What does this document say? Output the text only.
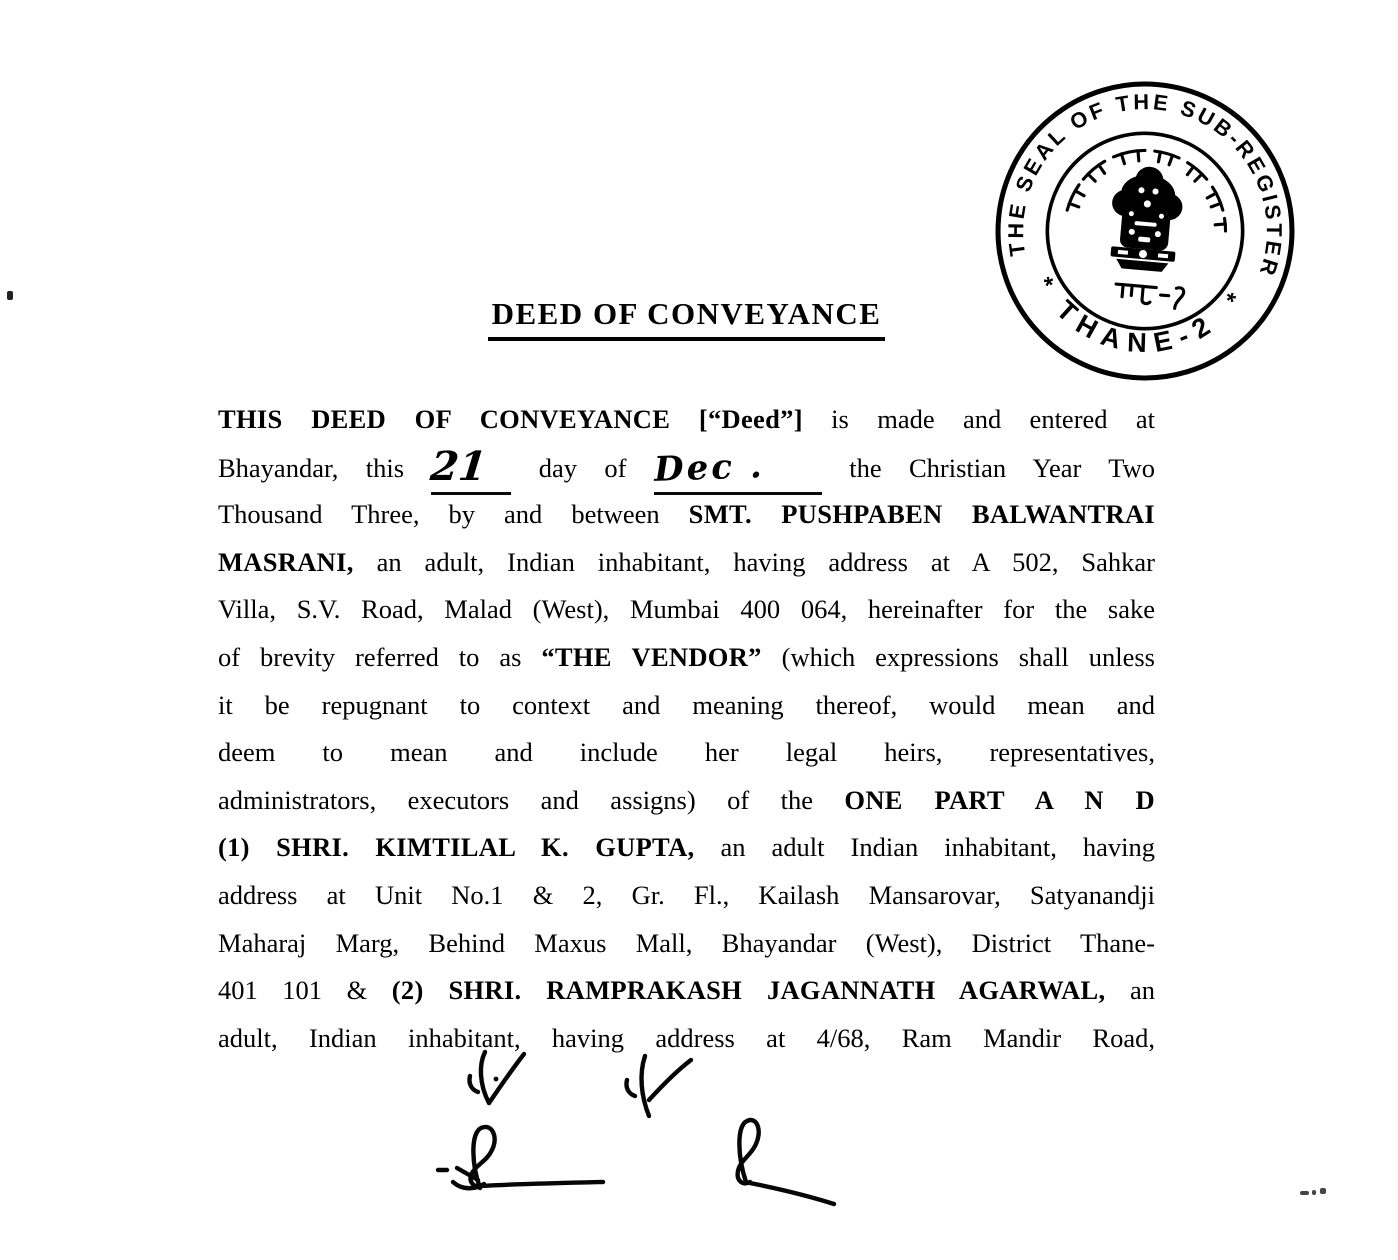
DEED OF CONVEYANCE
THE SEAL OF THE SUB-REGISTER
THANE-2
*
*
THIS DEED OF CONVEYANCE [“Deed”] is made and entered at
Bhayandar, this 21 day of Dec . the Christian Year Two
Thousand Three, by and between SMT. PUSHPABEN BALWANTRAI
MASRANI, an adult, Indian inhabitant, having address at A 502, Sahkar
Villa, S.V. Road, Malad (West), Mumbai 400 064, hereinafter for the sake
of brevity referred to as “THE VENDOR” (which expressions shall unless
it be repugnant to context and meaning thereof, would mean and
deem to mean and include her legal heirs, representatives,
administrators, executors and assigns) of the ONE PART A N D
(1) SHRI. KIMTILAL K. GUPTA, an adult Indian inhabitant, having
address at Unit No.1 & 2, Gr. Fl., Kailash Mansarovar, Satyanandji
Maharaj Marg, Behind Maxus Mall, Bhayandar (West), District Thane-
401 101 & (2) SHRI. RAMPRAKASH JAGANNATH AGARWAL, an
adult, Indian inhabitant, having address at 4/68, Ram Mandir Road,
